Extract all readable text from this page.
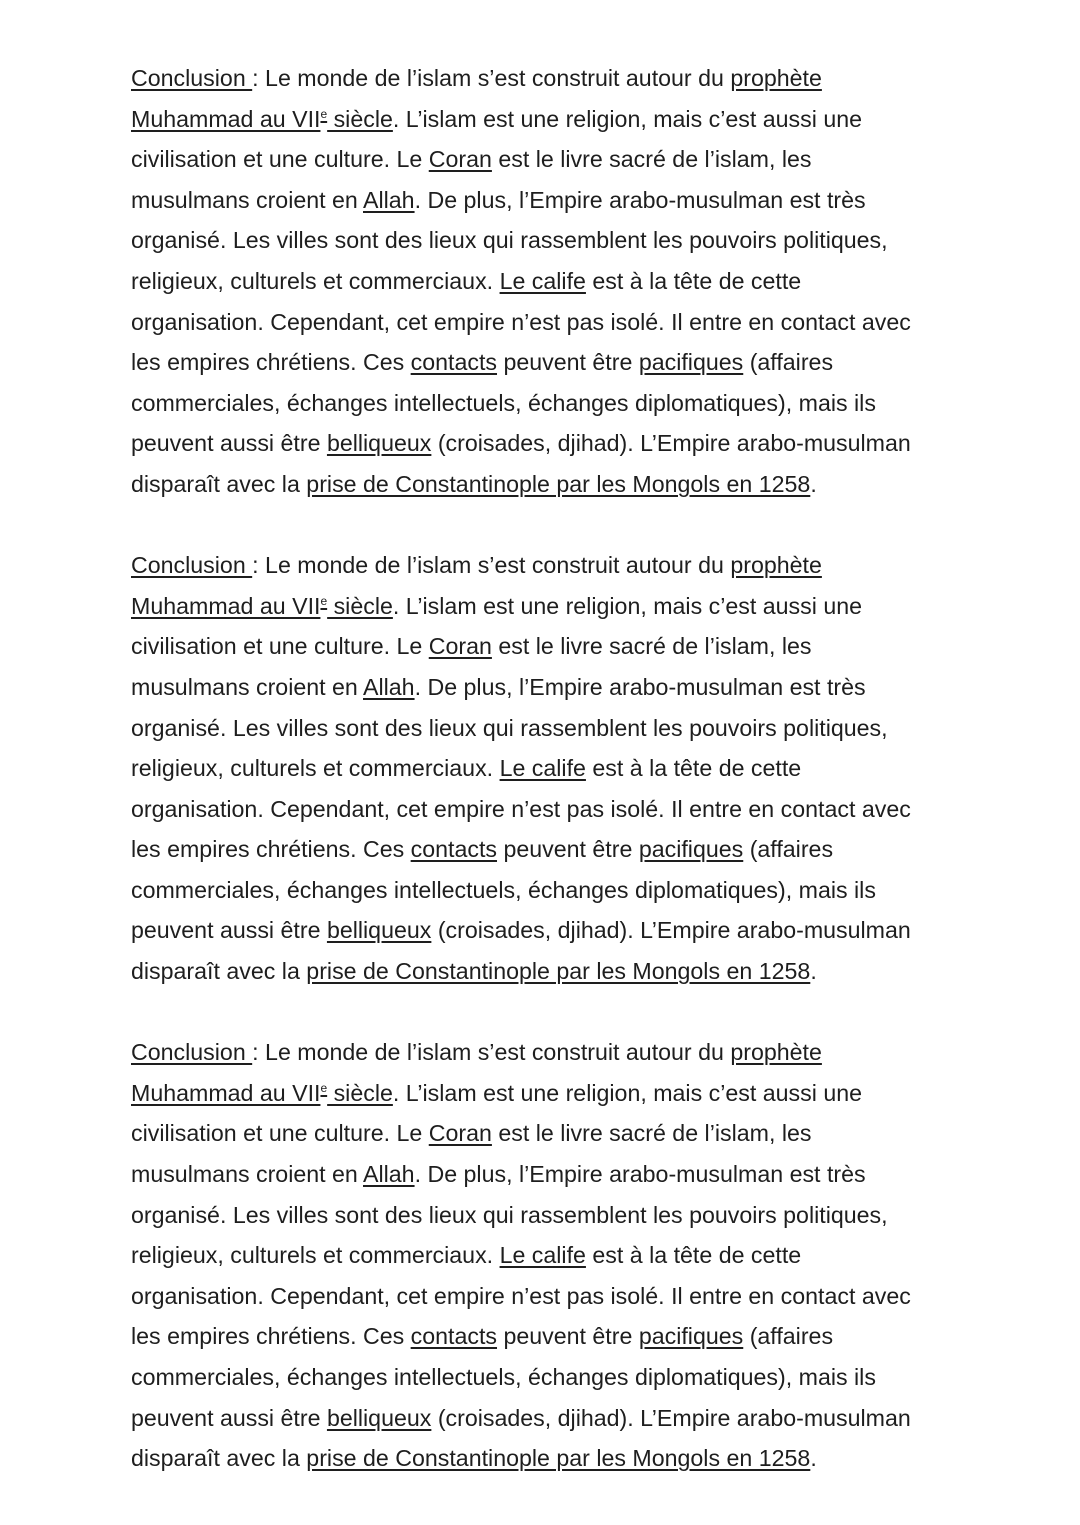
Conclusion : Le monde de l’islam s’est construit autour du prophète
Muhammad au VIIe siècle. L’islam est une religion, mais c’est aussi une
civilisation et une culture. Le Coran est le livre sacré de l’islam, les
musulmans croient en Allah. De plus, l’Empire arabo-musulman est très
organisé. Les villes sont des lieux qui rassemblent les pouvoirs politiques,
religieux, culturels et commerciaux. Le calife est à la tête de cette
organisation. Cependant, cet empire n’est pas isolé. Il entre en contact avec
les empires chrétiens. Ces contacts peuvent être pacifiques (affaires
commerciales, échanges intellectuels, échanges diplomatiques), mais ils
peuvent aussi être belliqueux (croisades, djihad). L’Empire arabo-musulman
disparaît avec la prise de Constantinople par les Mongols en 1258.
Conclusion : Le monde de l’islam s’est construit autour du prophète
Muhammad au VIIe siècle. L’islam est une religion, mais c’est aussi une
civilisation et une culture. Le Coran est le livre sacré de l’islam, les
musulmans croient en Allah. De plus, l’Empire arabo-musulman est très
organisé. Les villes sont des lieux qui rassemblent les pouvoirs politiques,
religieux, culturels et commerciaux. Le calife est à la tête de cette
organisation. Cependant, cet empire n’est pas isolé. Il entre en contact avec
les empires chrétiens. Ces contacts peuvent être pacifiques (affaires
commerciales, échanges intellectuels, échanges diplomatiques), mais ils
peuvent aussi être belliqueux (croisades, djihad). L’Empire arabo-musulman
disparaît avec la prise de Constantinople par les Mongols en 1258.
Conclusion : Le monde de l’islam s’est construit autour du prophète
Muhammad au VIIe siècle. L’islam est une religion, mais c’est aussi une
civilisation et une culture. Le Coran est le livre sacré de l’islam, les
musulmans croient en Allah. De plus, l’Empire arabo-musulman est très
organisé. Les villes sont des lieux qui rassemblent les pouvoirs politiques,
religieux, culturels et commerciaux. Le calife est à la tête de cette
organisation. Cependant, cet empire n’est pas isolé. Il entre en contact avec
les empires chrétiens. Ces contacts peuvent être pacifiques (affaires
commerciales, échanges intellectuels, échanges diplomatiques), mais ils
peuvent aussi être belliqueux (croisades, djihad). L’Empire arabo-musulman
disparaît avec la prise de Constantinople par les Mongols en 1258.
